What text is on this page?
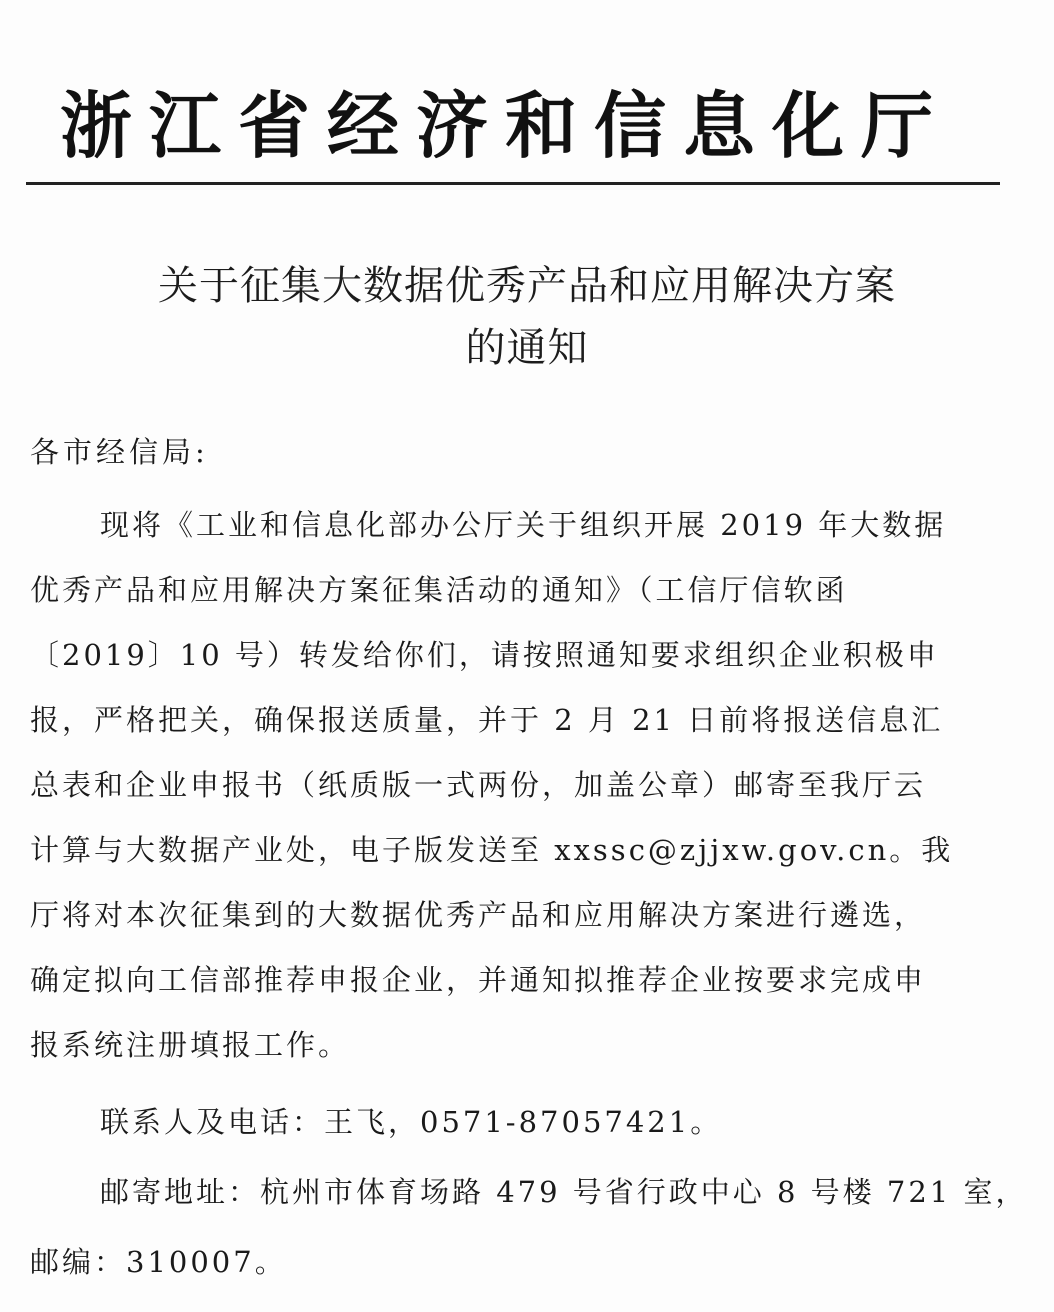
浙江省经济和信息化厅
关于征集大数据优秀产品和应用解决方案
的通知
各市经信局:
现将《工业和信息化部办公厅关于组织开展 2019 年大数据
优秀产品和应用解决方案征集活动的通知》（工信厅信软函
〔2019〕10 号）转发给你们，请按照通知要求组织企业积极申
报，严格把关，确保报送质量，并于 2 月 21 日前将报送信息汇
总表和企业申报书（纸质版一式两份，加盖公章）邮寄至我厅云
计算与大数据产业处，电子版发送至 xxssc@zjjxw.gov.cn。我
厅将对本次征集到的大数据优秀产品和应用解决方案进行遴选，
确定拟向工信部推荐申报企业，并通知拟推荐企业按要求完成申
报系统注册填报工作。
联系人及电话：王飞，0571-87057421。
邮寄地址：杭州市体育场路 479 号省行政中心 8 号楼 721 室，
邮编：310007。
